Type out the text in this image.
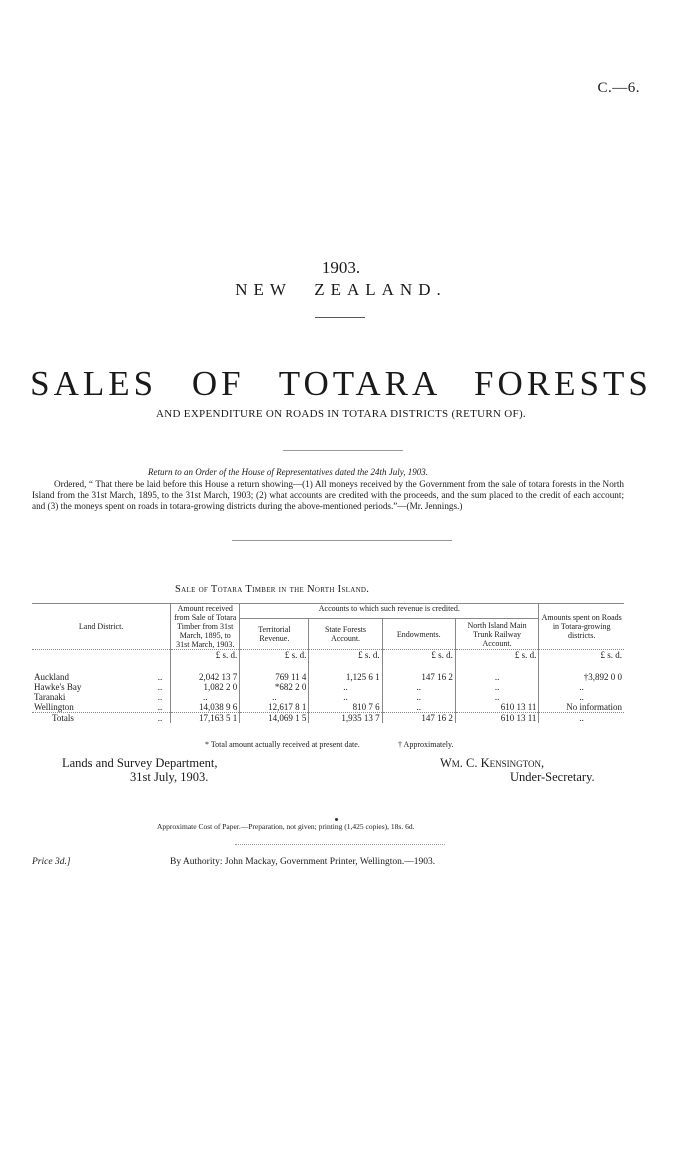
C.—6.
1903.
NEW ZEALAND.
SALES OF TOTARA FORESTS
AND EXPENDITURE ON ROADS IN TOTARA DISTRICTS (RETURN OF).
Return to an Order of the House of Representatives dated the 24th July, 1903.
Ordered, “ That there be laid before this House a return showing—(1) All moneys received by the Government from the sale of totara forests in the North Island from the 31st March, 1895, to the 31st March, 1903; (2) what accounts are credited with the proceeds, and the sum placed to the credit of each account; and (3) the moneys spent on roads in totara-growing districts during the above-mentioned periods.”—(Mr. Jennings.)
Sale of Totara Timber in the North Island.
Land District.	Amount received from Sale of Totara Timber from 31st March, 1895, to 31st March, 1903.	Accounts to which such revenue is credited.				Amounts spent on Roads in Totara-growing districts.
		Territorial Revenue.	State Forests Account.	Endowments.	North Island Main Trunk Railway Account.	
	£ s. d.	£ s. d.	£ s. d.	£ s. d.	£ s. d.	£ s. d.
Auckland ..	2,042 13 7	769 11 4	1,125 6 1	147 16 2	..	†3,892 0 0
Hawke's Bay ..	1,082 2 0	*682 2 0	..	..	..	..
Taranaki ..	..	..	..	..	..	..
Wellington ..	14,038 9 6	12,617 8 1	810 7 6	..	610 13 11	No information
Totals ..	17,163 5 1	14,069 1 5	1,935 13 7	147 16 2	610 13 11	..
* Total amount actually received at present date.	† Approximately.
Lands and Survey Department,
31st July, 1903.
Wm. C. Kensington,
Under-Secretary.
Approximate Cost of Paper.—Preparation, not given; printing (1,425 copies), 18s. 6d.
Price 3d.]	By Authority: John Mackay, Government Printer, Wellington.—1903.
